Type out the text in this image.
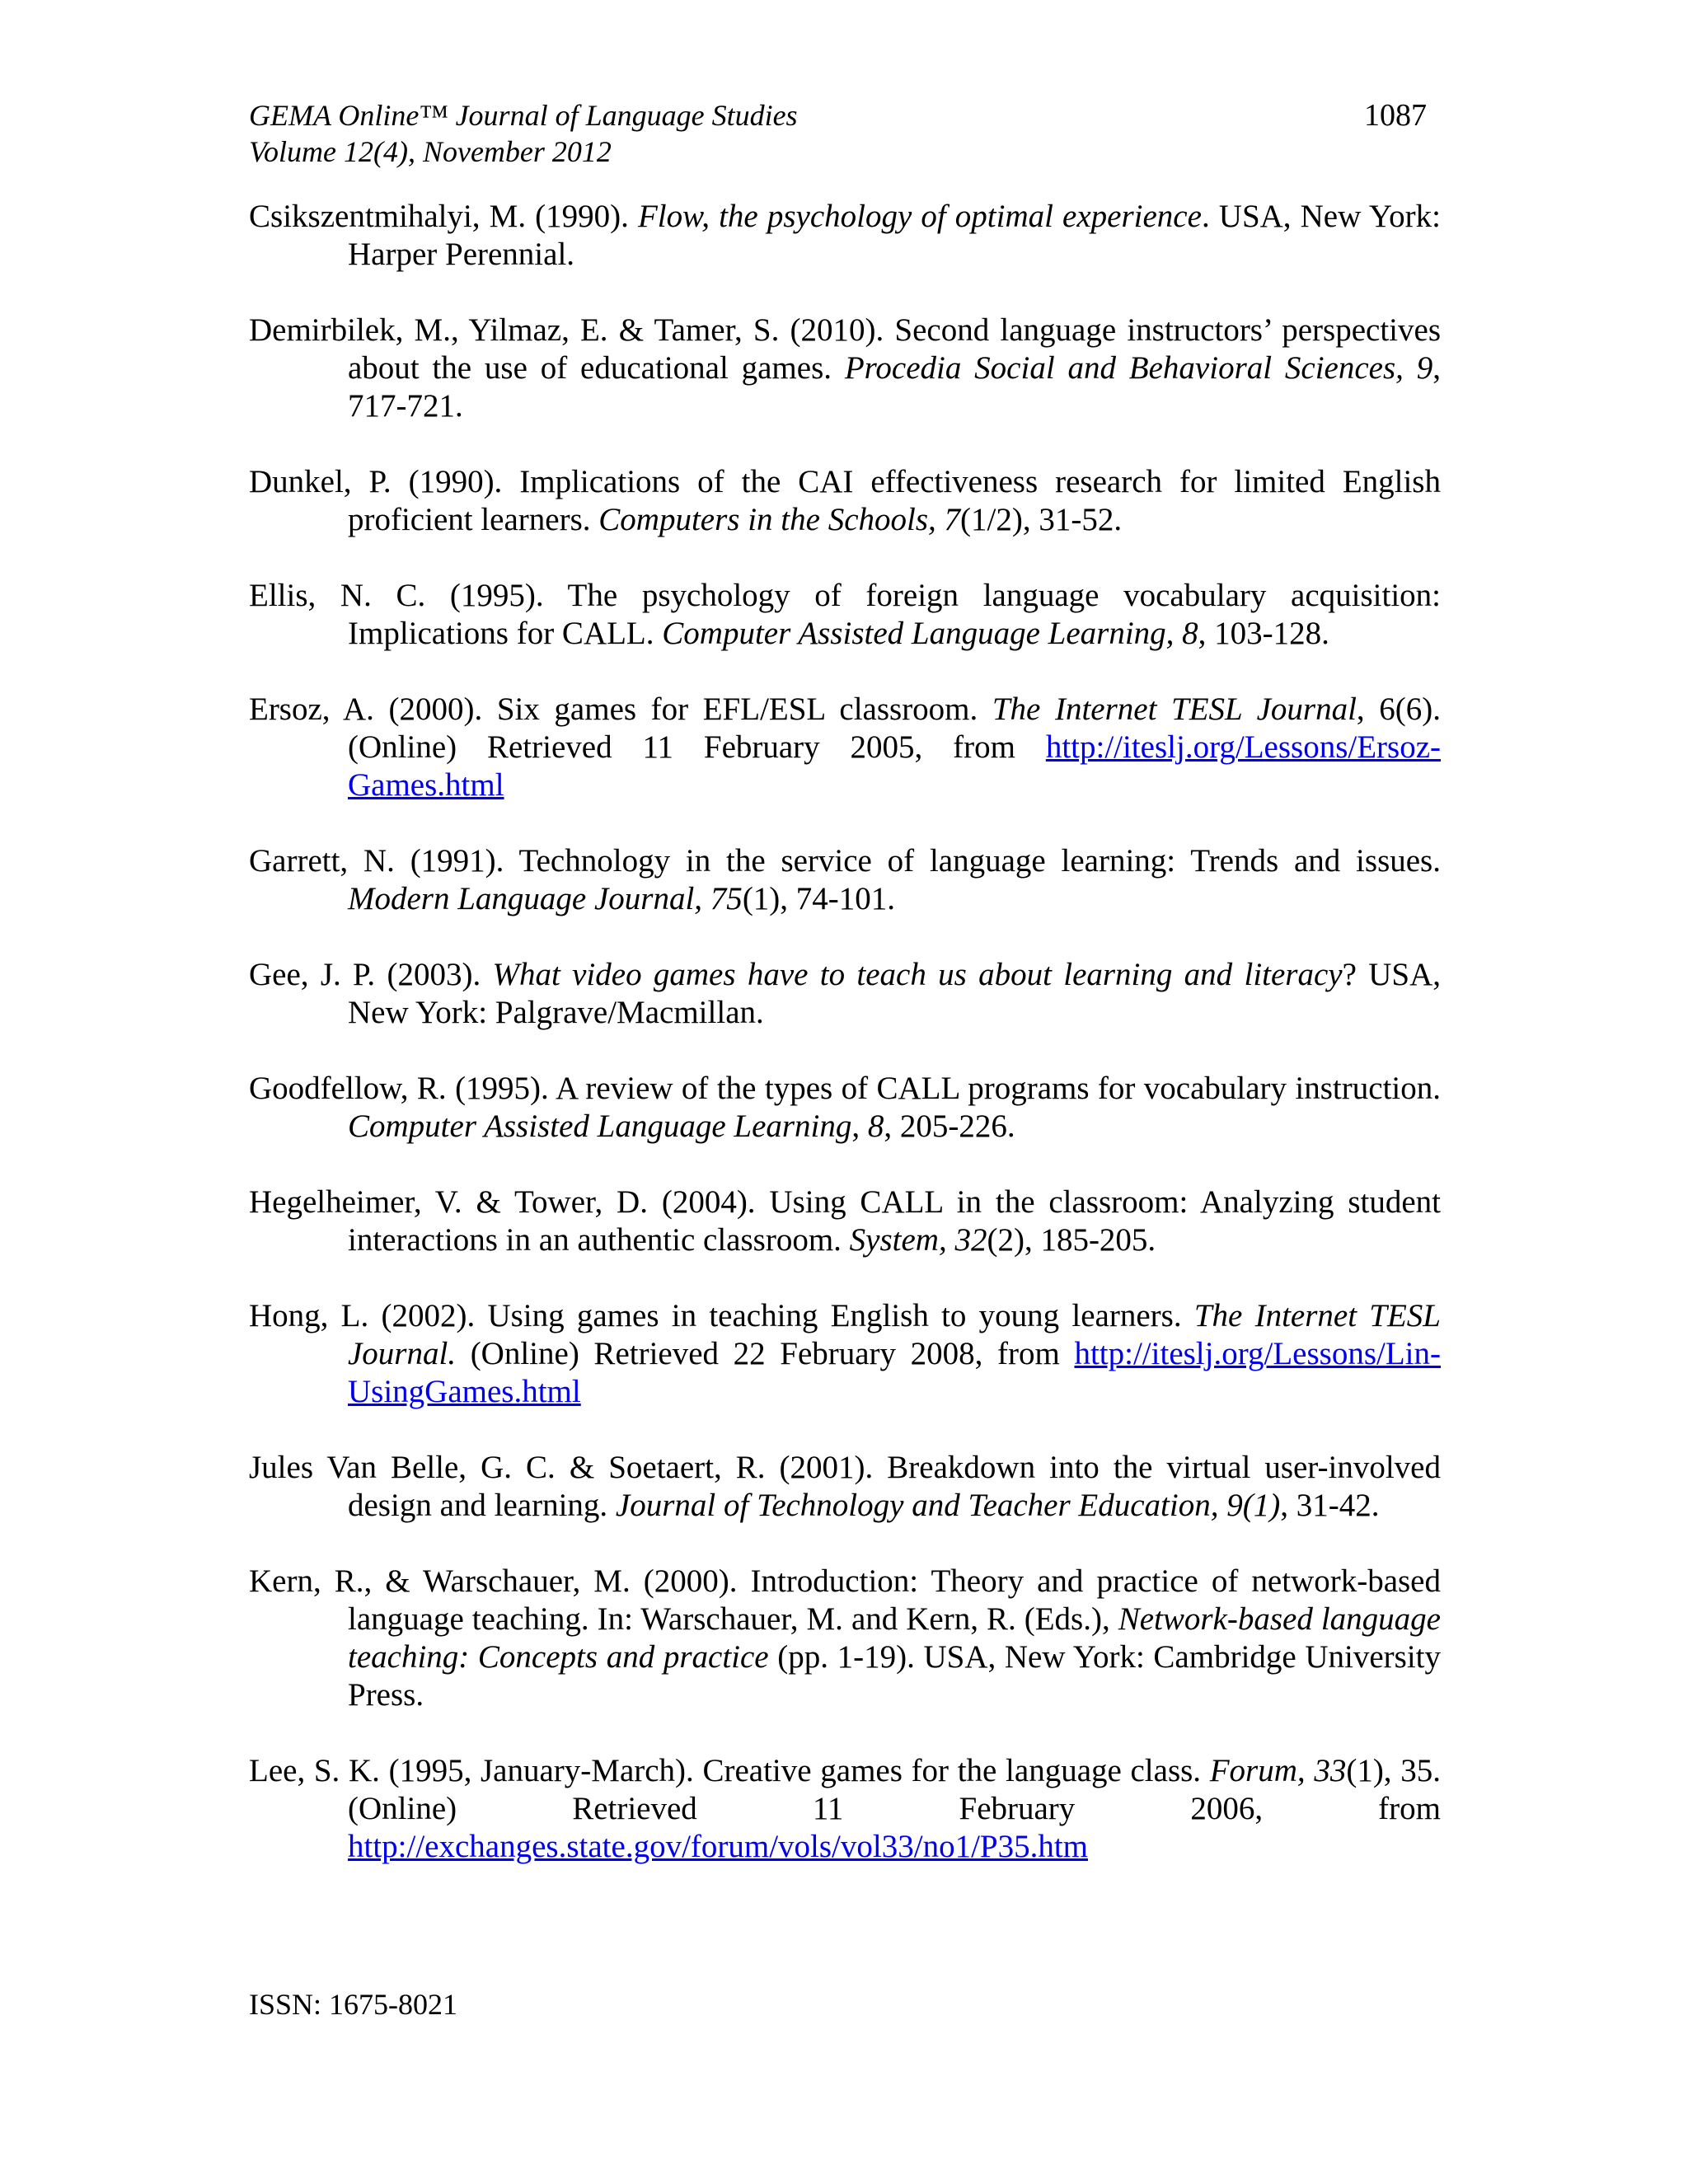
GEMA Online™ Journal of Language Studies
Volume 12(4), November 2012
1087

Csikszentmihalyi, M. (1990). Flow, the psychology of optimal experience. USA, New York: Harper Perennial.

Demirbilek, M., Yilmaz, E. & Tamer, S. (2010). Second language instructors’ perspectives about the use of educational games. Procedia Social and Behavioral Sciences, 9, 717-721.

Dunkel, P. (1990). Implications of the CAI effectiveness research for limited English proficient learners. Computers in the Schools, 7(1/2), 31-52.

Ellis, N. C. (1995). The psychology of foreign language vocabulary acquisition: Implications for CALL. Computer Assisted Language Learning, 8, 103-128.

Ersoz, A. (2000). Six games for EFL/ESL classroom. The Internet TESL Journal, 6(6). (Online) Retrieved 11 February 2005, from http://iteslj.org/Lessons/Ersoz-Games.html

Garrett, N. (1991). Technology in the service of language learning: Trends and issues. Modern Language Journal, 75(1), 74-101.

Gee, J. P. (2003). What video games have to teach us about learning and literacy? USA, New York: Palgrave/Macmillan.

Goodfellow, R. (1995). A review of the types of CALL programs for vocabulary instruction. Computer Assisted Language Learning, 8, 205-226.

Hegelheimer, V. & Tower, D. (2004). Using CALL in the classroom: Analyzing student interactions in an authentic classroom. System, 32(2), 185-205.

Hong, L. (2002). Using games in teaching English to young learners. The Internet TESL Journal. (Online) Retrieved 22 February 2008, from http://iteslj.org/Lessons/Lin-UsingGames.html

Jules Van Belle, G. C. & Soetaert, R. (2001). Breakdown into the virtual user-involved design and learning. Journal of Technology and Teacher Education, 9(1), 31-42.

Kern, R., & Warschauer, M. (2000). Introduction: Theory and practice of network-based language teaching. In: Warschauer, M. and Kern, R. (Eds.), Network-based language teaching: Concepts and practice (pp. 1-19). USA, New York: Cambridge University Press.

Lee, S. K. (1995, January-March). Creative games for the language class. Forum, 33(1), 35. (Online) Retrieved 11 February 2006, from http://exchanges.state.gov/forum/vols/vol33/no1/P35.htm

ISSN: 1675-8021
